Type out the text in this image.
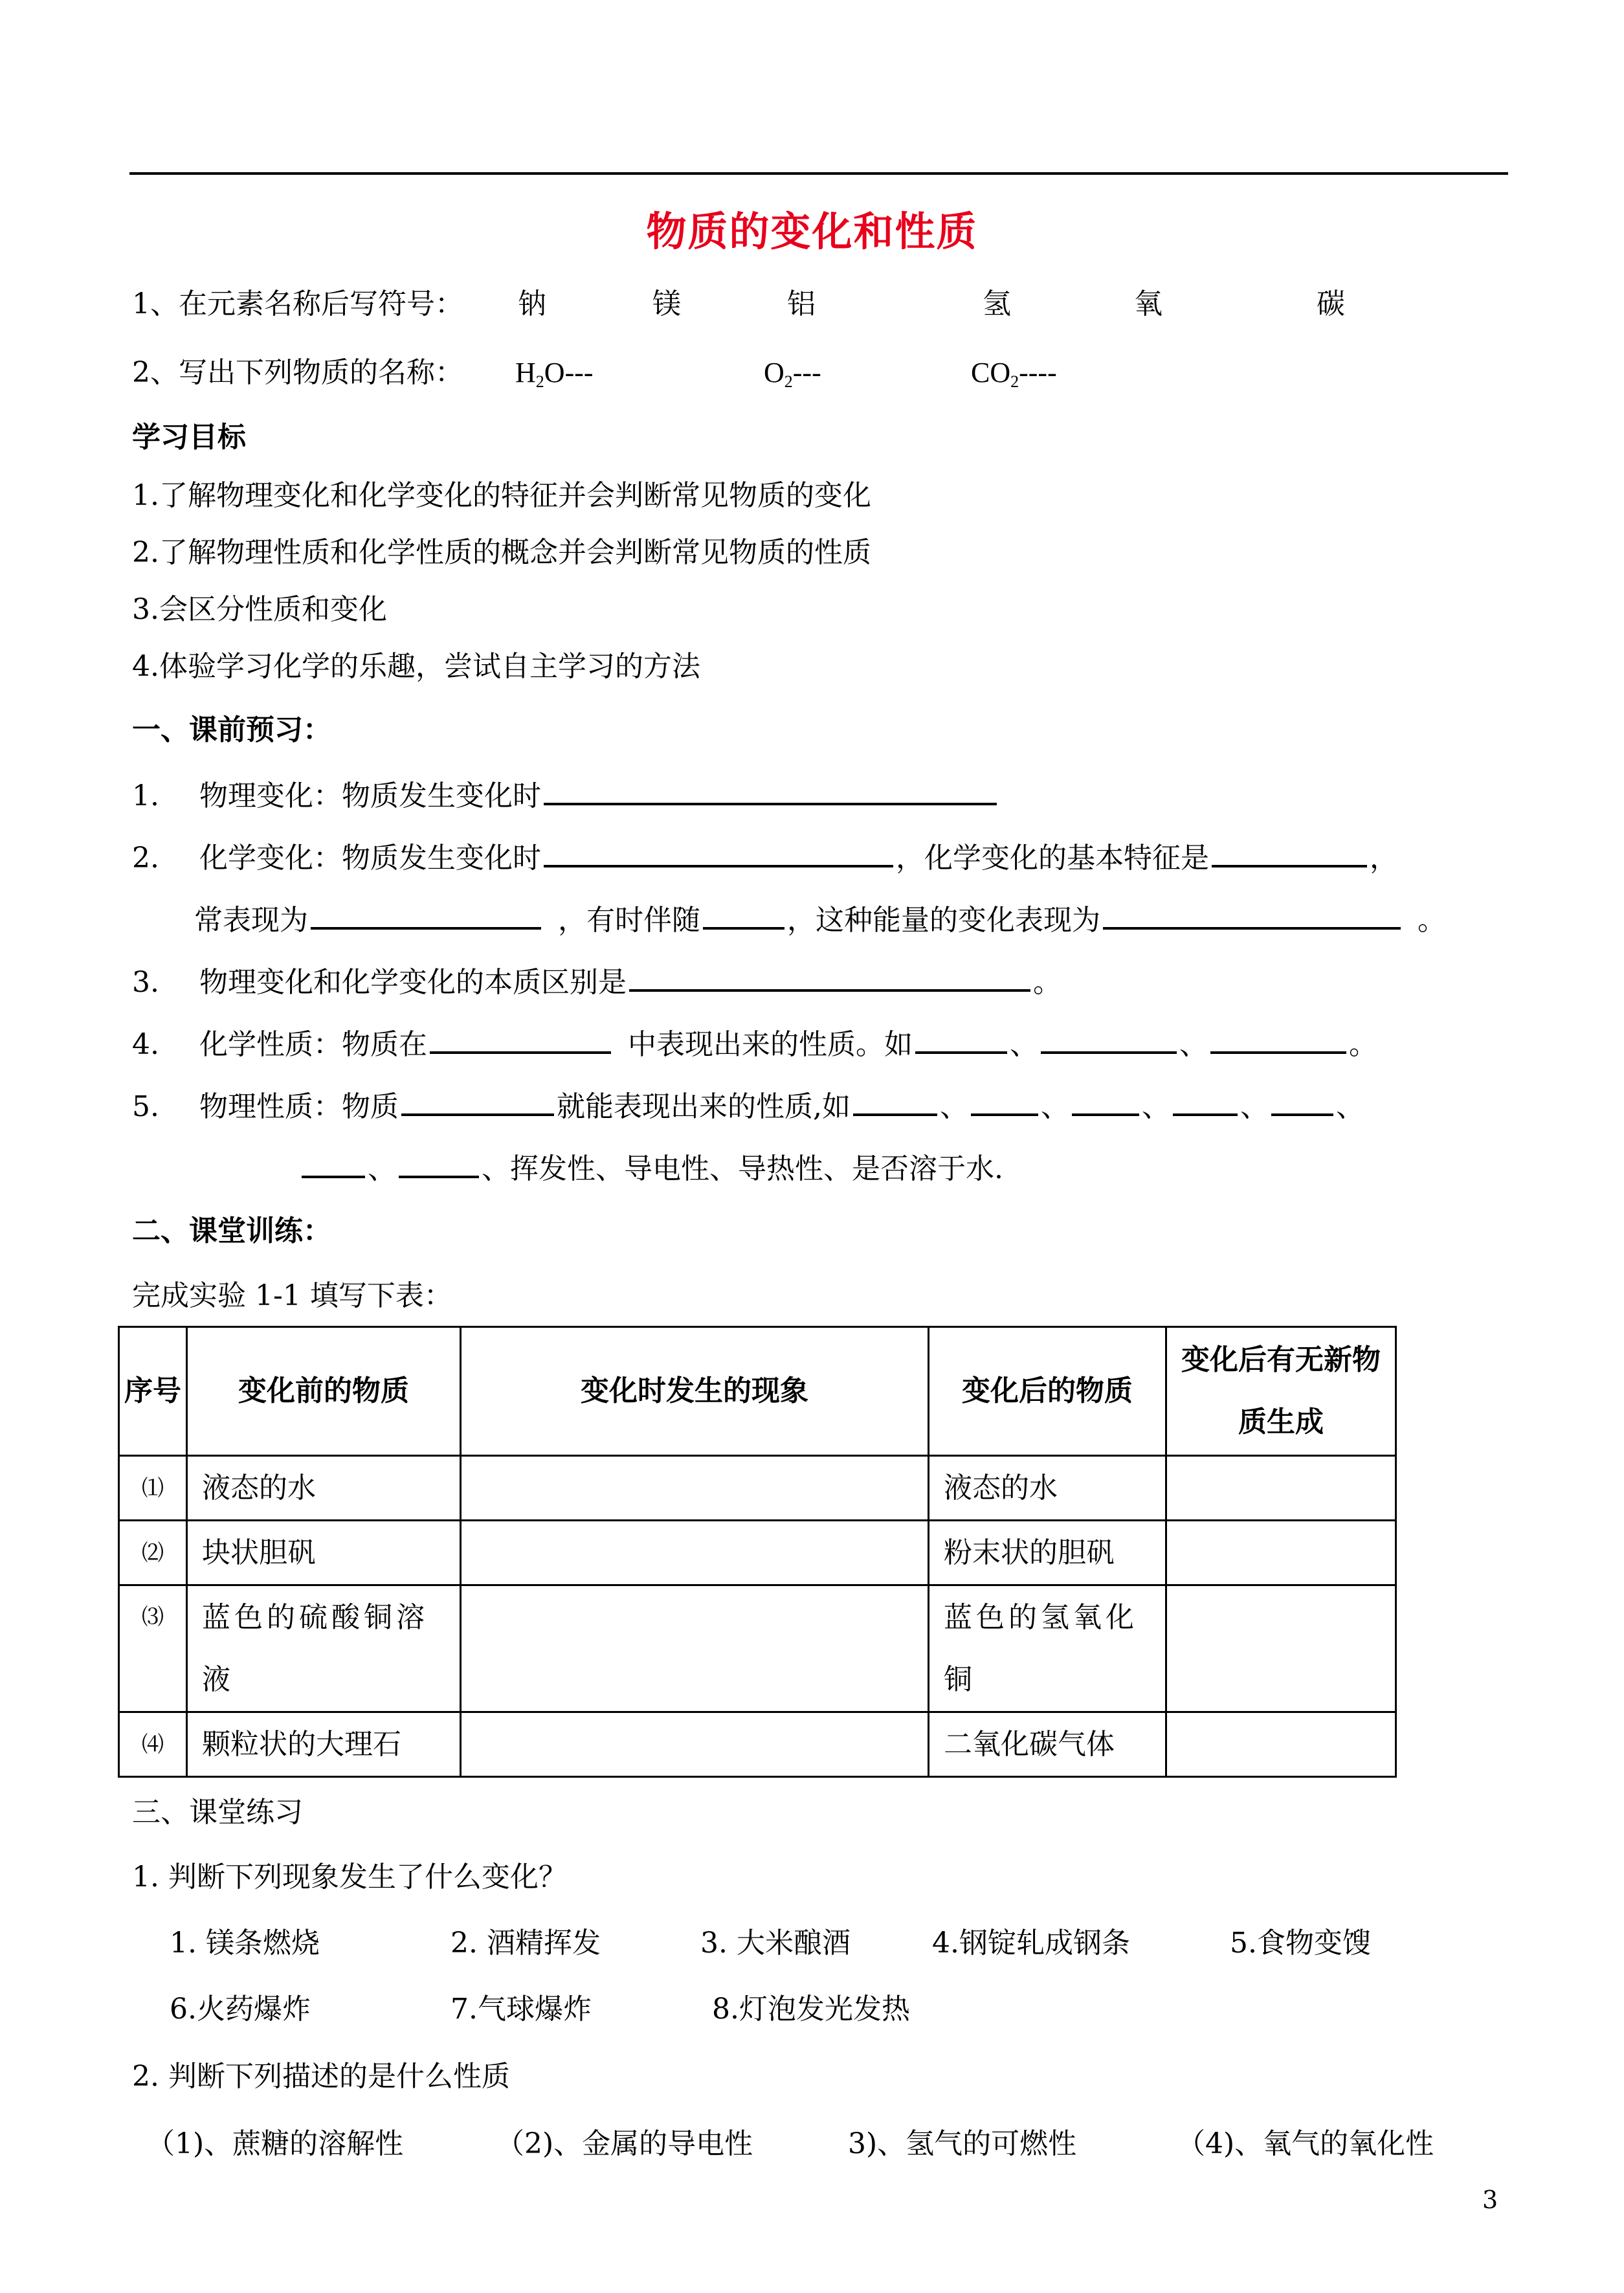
物质的变化和性质
1、在元素名称后写符号： 钠	镁	铝	氢	氧	碳
2、写出下列物质的名称： $H_2O---$	$O_2---$	$CO_2----$
学习目标
1.了解物理变化和化学变化的特征并会判断常见物质的变化
2.了解物理性质和化学性质的概念并会判断常见物质的性质
3.会区分性质和变化
4.体验学习化学的乐趣，尝试自主学习的方法
一、课前预习：
1. 物理变化：物质发生变化时
2. 化学变化：物质发生变化时	，化学变化的基本特征是	，
常表现为	，有时伴随	，这种能量的变化表现为	。
3. 物理变化和化学变化的本质区别是	。
4. 化学性质：物质在	中表现出来的性质。如	、	、	。
5. 物理性质：物质	就能表现出来的性质,如	、	、	、 、 、
、	、挥发性、导电性、导热性、是否溶于水.
二、课堂训练：
完成实验 1-1 填写下表：
序号	变化前的物质	变化时发生的现象	变化后的物质	变化后有无新物质生成
⑴	液态的水		液态的水	
⑵	块状胆矾		粉末状的胆矾	
⑶	蓝色的硫酸铜溶液		蓝色的氢氧化铜	
⑷	颗粒状的大理石		二氧化碳气体	
三、课堂练习
1. 判断下列现象发生了什么变化？
1. 镁条燃烧	2. 酒精挥发	3. 大米酿酒	4.钢锭轧成钢条	5.食物变馊
6.火药爆炸	7.气球爆炸	8.灯泡发光发热
2. 判断下列描述的是什么性质
（1)、蔗糖的溶解性	（2)、金属的导电性	3)、氢气的可燃性	（4)、氧气的氧化性
3
